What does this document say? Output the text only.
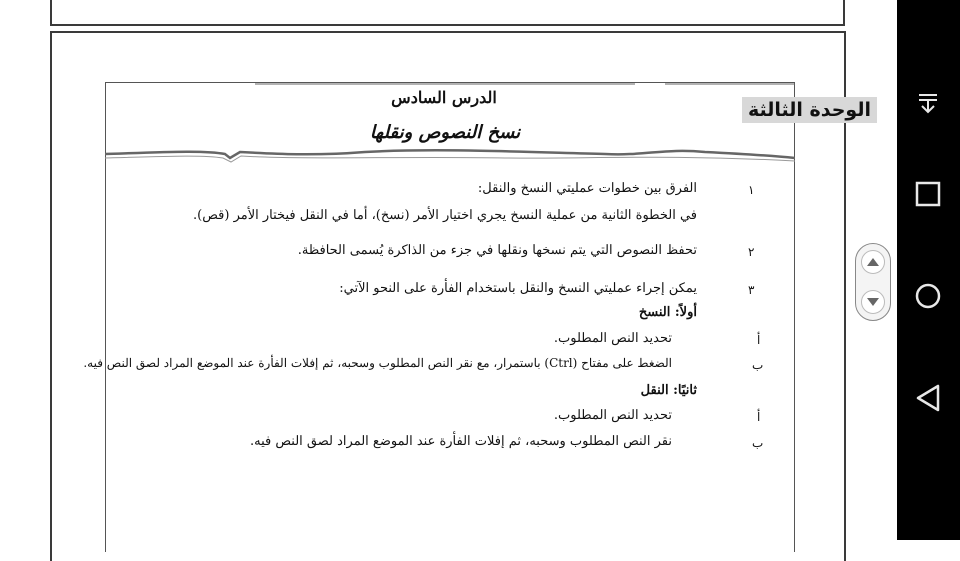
الوحدة الثالثة
الدرس السادس
نسخ النصوص ونقلها
١
الفرق بين خطوات عمليتي النسخ والنقل:
في الخطوة الثانية من عملية النسخ يجري اختيار الأمر (نسخ)، أما في النقل فيختار الأمر (قص).
٢
تحفظ النصوص التي يتم نسخها ونقلها في جزء من الذاكرة يُسمى الحافظة.
٣
يمكن إجراء عمليتي النسخ والنقل باستخدام الفأرة على النحو الآتي:
أولاً: النسخ
أ
تحديد النص المطلوب.
ب
الضغط على مفتاح (Ctrl) باستمرار، مع نقر النص المطلوب وسحبه، ثم إفلات الفأرة عند الموضع المراد لصق النص فيه.
ثانيًا: النقل
أ
تحديد النص المطلوب.
ب
نقر النص المطلوب وسحبه، ثم إفلات الفأرة عند الموضع المراد لصق النص فيه.
